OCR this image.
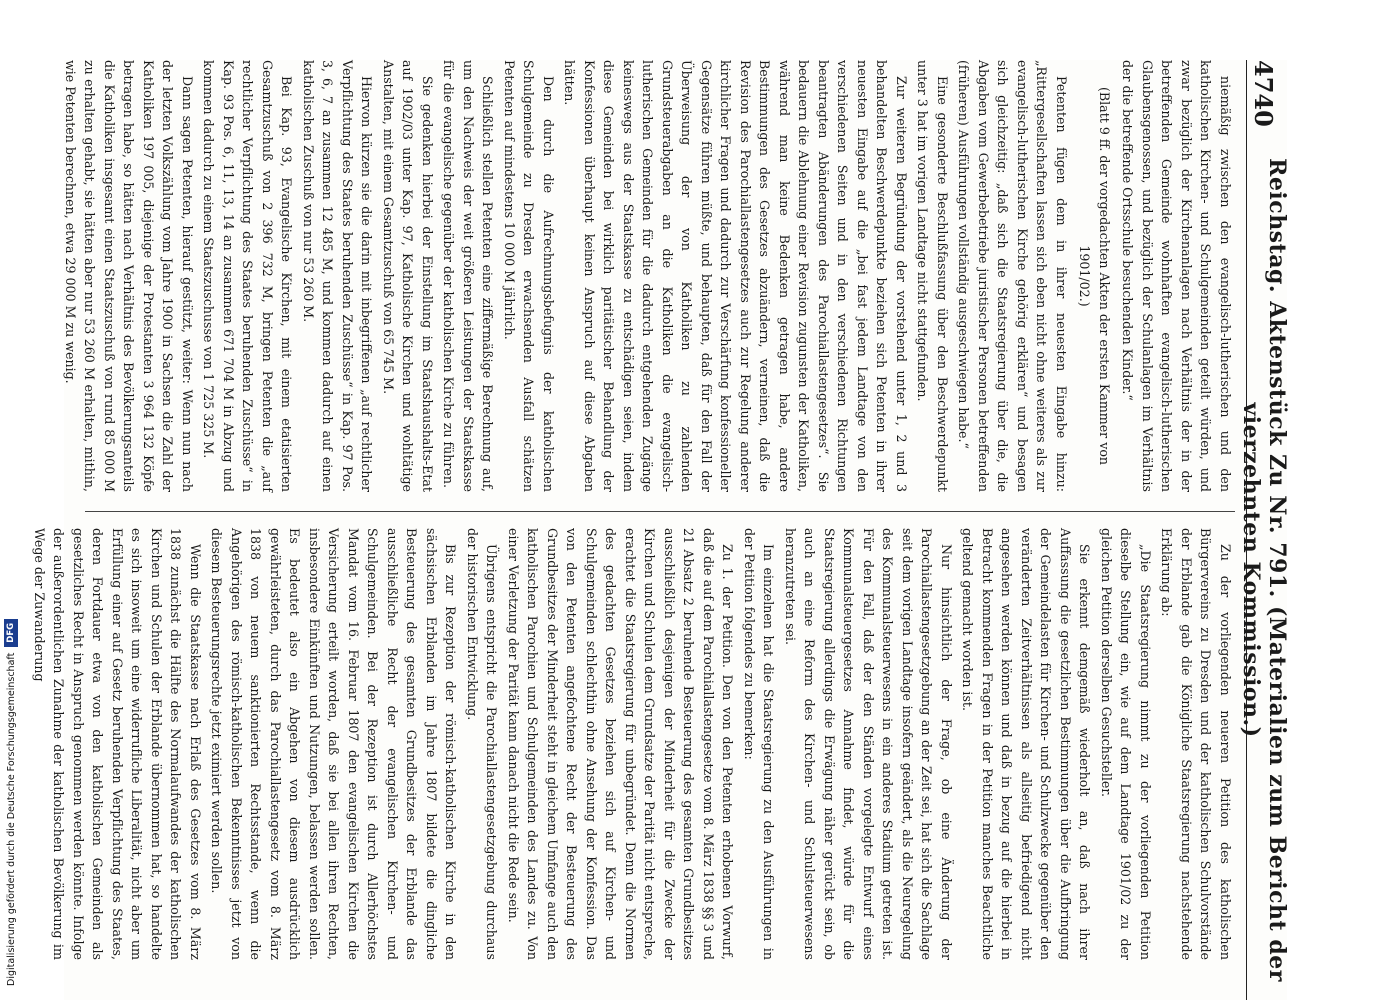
4740
Reichstag. Aktenstück Zu Nr. 791. (Materialien zum Bericht der vierzehnten Kommission.)

niemäßig zwischen den evangelisch-lutherischen und den katholischen Kirchen- und Schulgemeinden geteilt würden, und zwar bezüglich der Kirchenanlagen nach Verhältnis der in der betreffenden Gemeinde wohnhaften evangelisch-lutherischen Glaubensgenossen, und bezüglich der Schulanlagen im Verhältnis der die betreffende Ortsschule besuchenden Kinder.“

(Blatt 9 ff. der vorgedachten Akten der ersten Kammer von 1901/02.)

Petenten fügen dem in ihrer neuesten Eingabe hinzu: „Rittergesellschaften lassen sich eben nicht ohne weiteres als zur evangelisch-lutherischen Kirche gehörig erklären“ und besagen sich gleichzeitig: „daß sich die Staatsregierung über die, die Abgaben vom Gewerbebetriebe juristischer Personen betreffenden (früheren) Ausführungen vollständig ausgeschwiegen habe.“

Eine gesonderte Beschlußfassung über den Beschwerdepunkt unter 3 hat im vorigen Landtage nicht stattgefunden.

Zur weiteren Begründung der vorstehend unter 1, 2 und 3 behandelten Beschwerdepunkte beziehen sich Petenten in ihrer neuesten Eingabe auf die „bei fast jedem Landtage von den verschiedenen Seiten und in den verschiedenen Richtungen beantragten Abänderungen des Parochiallastengesetzes“. Sie bedauern die Ablehnung einer Revision zugunsten der Katholiken, während man keine Bedenken getragen habe, andere Bestimmungen des Gesetzes abzuändern, verneinen, daß die Revision des Parochiallastengesetzes auch zur Regelung anderer kirchlicher Fragen und dadurch zur Verschärfung konfessioneller Gegensätze führen müßte, und behaupten, daß für den Fall der Überweisung der von Katholiken zu zahlenden Grundsteuerabgaben an die Katholiken die evangelisch-lutherischen Gemeinden für die dadurch entgehenden Zugänge keineswegs aus der Staatskasse zu entschädigen seien, indem diese Gemeinden bei wirklich paritätischer Behandlung der Konfessionen überhaupt keinen Anspruch auf diese Abgaben hätten.

Den durch die Aufrechnungsbefugnis der katholischen Schulgemeinde zu Dresden erwachsenden Ausfall schätzen Petenten auf mindestens 10 000 M jährlich.

Schließlich stellen Petenten eine ziffermäßige Berechnung auf, um den Nachweis der weit größeren Leistungen der Staatskasse für die evangelische gegenüber der katholischen Kirche zu führen.

Sie gedenken hierbei der Einstellung im Staatshaushalts-Etat auf 1902/03 unter Kap. 97, Katholische Kirchen und wohltätige Anstalten, mit einem Gesamtzuschuß von 65 745 M.

Hiervon kürzen sie die darin mit inbegriffenen „auf rechtlicher Verpflichtung des Staates beruhenden Zuschüsse“ in Kap. 97 Pos. 3, 6, 7 an zusammen 12 485 M, und kommen dadurch auf einen katholischen Zuschuß von nur 53 260 M.

Bei Kap. 93, Evangelische Kirchen, mit einem etatisierten Gesamtzuschuß von 2 396 732 M, bringen Petenten die „auf rechtlicher Verpflichtung des Staates beruhenden Zuschüsse“ in Kap. 93 Pos. 6, 11, 13, 14 an zusammen 671 704 M in Abzug und kommen dadurch zu einem Staatszuschusse von 1 725 325 M.

Dann sagen Petenten, hierauf gestützt, weiter: Wenn nun nach der letzten Volkszählung vom Jahre 1900 in Sachsen die Zahl der Katholiken 197 005, diejenige der Protestanten 3 964 132 Köpfe betragen habe, so hätten nach Verhältnis des Bevölkerungsanteils die Katholiken insgesamt einen Staatszuschuß von rund 85 000 M zu erhalten gehabt, sie hätten aber nur 53 260 M erhalten, mithin, wie Petenten berechnen, etwa 29 000 M zu wenig.

Zu der vorliegenden neueren Petition des katholischen Bürgervereins zu Dresden und der katholischen Schulvorstände der Erblande gab die Königliche Staatsregierung nachstehende Erklärung ab:

„Die Staatsregierung nimmt zu der vorliegenden Petition dieselbe Stellung ein, wie auf dem Landtage 1901/02 zu der gleichen Petition derselben Gesuchsteller.

Sie erkennt demgemäß wiederholt an, daß nach ihrer Auffassung die gesetzlichen Bestimmungen über die Aufbringung der Gemeindelasten für Kirchen- und Schulzwecke gegenüber den veränderten Zeitverhältnissen als allseitig befriedigend nicht angesehen werden können und daß in bezug auf die hierbei in Betracht kommenden Fragen in der Petition manches Beachtliche geltend gemacht worden ist.

Nur hinsichtlich der Frage, ob eine Änderung der Parochiallastengesetzgebung an der Zeit sei, hat sich die Sachlage seit dem vorigen Landtage insofern geändert, als die Neuregelung des Kommunalsteuerwesens in ein anderes Stadium getreten ist. Für den Fall, daß der den Ständen vorgelegte Entwurf eines Kommunalsteuergesetzes Annahme findet, würde für die Staatsregierung allerdings die Erwägung näher gerückt sein, ob auch an eine Reform des Kirchen- und Schulsteuerwesens heranzutreten sei.

Im einzelnen hat die Staatsregierung zu den Ausführungen in der Petition folgendes zu bemerken:

Zu 1. der Petition. Den von den Petenten erhobenen Vorwurf, daß die auf dem Parochiallastengesetze vom 8. März 1838 §§ 3 und 21 Absatz 2 beruhende Besteuerung des gesamten Grundbesitzes ausschließlich desjenigen der Minderheit für die Zwecke der Kirchen und Schulen dem Grundsatze der Parität nicht entspreche, erachtet die Staatsregierung für unbegründet. Denn die Normen des gedachten Gesetzes beziehen sich auf Kirchen- und Schulgemeinden schlechthin ohne Ansehung der Konfession. Das von den Petenten angefochtene Recht der Besteuerung des Grundbesitzes der Minderheit steht in gleichem Umfange auch den katholischen Parochien und Schulgemeinden des Landes zu. Von einer Verletzung der Parität kann danach nicht die Rede sein.

Übrigens entspricht die Parochiallastengesetzgebung durchaus der historischen Entwicklung.

Bis zur Rezeption der römisch-katholischen Kirche in den sächsischen Erblanden im Jahre 1807 bildete die dingliche Besteuerung des gesamten Grundbesitzes der Erblande das ausschließliche Recht der evangelischen Kirchen- und Schulgemeinden. Bei der Rezeption ist durch Allerhöchstes Mandat vom 16. Februar 1807 den evangelischen Kirchen die Versicherung erteilt worden, daß sie bei allen ihren Rechten, insbesondere Einkünften und Nutzungen, belassen werden sollen. Es bedeutet also ein Abgehen von diesem ausdrücklich gewährleisteten, durch das Parochiallastengesetz vom 8. März 1838 von neuem sanktionierten Rechtsstande, wenn die Angehörigen des römisch-katholischen Bekenntnisses jetzt von diesem Besteuerungsrechte jetzt eximiert werden sollen.

Wenn die Staatskasse nach Erlaß des Gesetzes vom 8. März 1838 zunächst die Hälfte des Normalaufwandes der katholischen Kirchen und Schulen der Erblande übernommen hat, so handelte es sich insoweit um eine widerrufliche Liberalität, nicht aber um Erfüllung einer auf Gesetz beruhenden Verpflichtung des Staates, deren Fortdauer etwa von den katholischen Gemeinden als gesetzliches Recht in Anspruch genommen werden könnte. Infolge der außerordentlichen Zunahme der katholischen Bevölkerung im Wege der Zuwanderung

Digitalisierung gefördert durch die Deutsche Forschungsgemeinschaft
DFG
